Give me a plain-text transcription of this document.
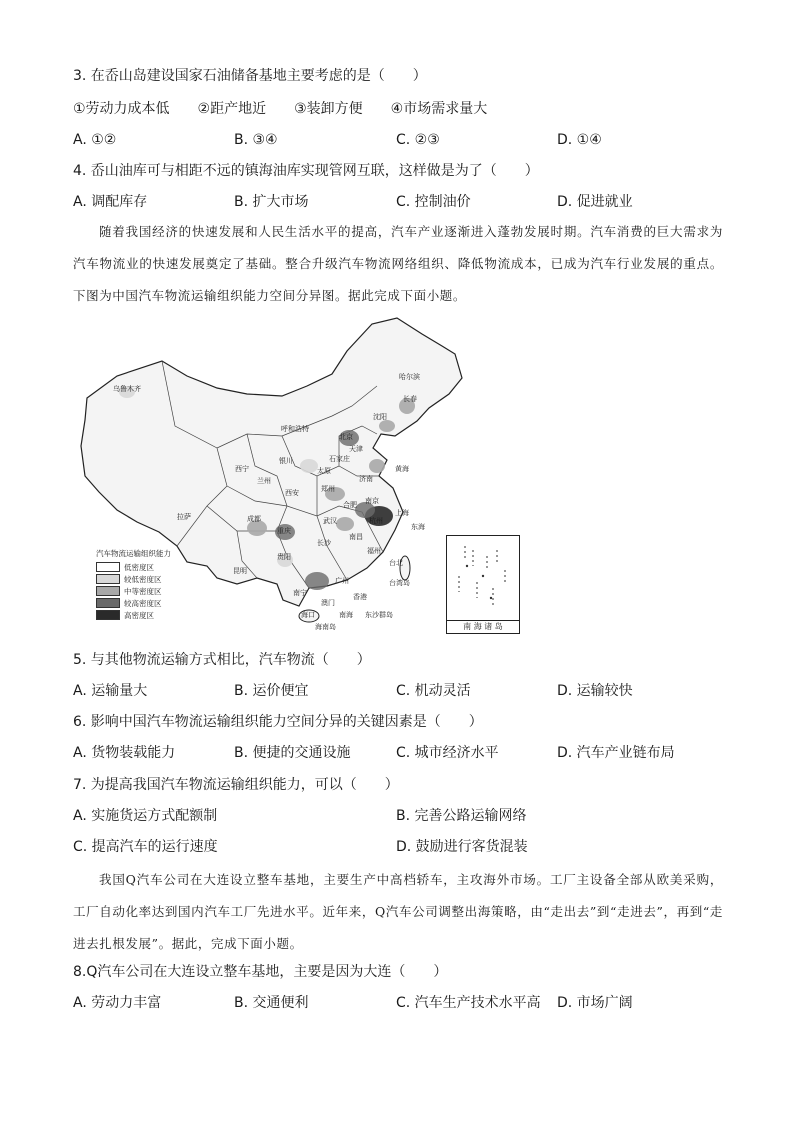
3. 在岙山岛建设国家石油储备基地主要考虑的是（　　）
①劳动力成本低　　②距产地近　　③装卸方便　　④市场需求量大
A. ①②	B. ③④	C. ②③	D. ①④
4. 岙山油库可与相距不远的镇海油库实现管网互联，这样做是为了（　　）
A. 调配库存	B. 扩大市场	C. 控制油价	D. 促进就业

随着我国经济的快速发展和人民生活水平的提高，汽车产业逐渐进入蓬勃发展时期。汽车消费的巨大需求为汽车物流业的快速发展奠定了基础。整合升级汽车物流网络组织、降低物流成本，已成为汽车行业发展的重点。下图为中国汽车物流运输组织能力空间分异图。据此完成下面小题。

乌鲁木齐
哈尔滨
长春
沈阳
呼和浩特
北京
天津
石家庄
太原
银川
西宁
兰州	济南
黄海
郑州
西安
合肥 南京
上海
拉萨	成都	武汉	杭州
东海
重庆
长沙
南昌
福州
贵阳
台北
昆明
广州	台湾岛
南宁
澳门
香港
海口	南海 东沙群岛
海南岛
汽车物流运输组织能力
低密度区
较低密度区
中等密度区
较高密度区
高密度区
南 海 诸 岛
5. 与其他物流运输方式相比，汽车物流（　　）
A. 运输量大	B. 运价便宜	C. 机动灵活	D. 运输较快
6. 影响中国汽车物流运输组织能力空间分异的关键因素是（　　）
A. 货物装载能力	B. 便捷的交通设施	C. 城市经济水平	D. 汽车产业链布局
7. 为提高我国汽车物流运输组织能力，可以（　　）
A. 实施货运方式配额制	B. 完善公路运输网络
C. 提高汽车的运行速度	D. 鼓励进行客货混装

我国Q汽车公司在大连设立整车基地，主要生产中高档轿车，主攻海外市场。工厂主设备全部从欧美采购，工厂自动化率达到国内汽车工厂先进水平。近年来，Q汽车公司调整出海策略，由“走出去”到“走进去”，再到“走进去扎根发展”。据此，完成下面小题。

8.Q汽车公司在大连设立整车基地，主要是因为大连（　　）
A. 劳动力丰富	B. 交通便利	C. 汽车生产技术水平高 D. 市场广阔
